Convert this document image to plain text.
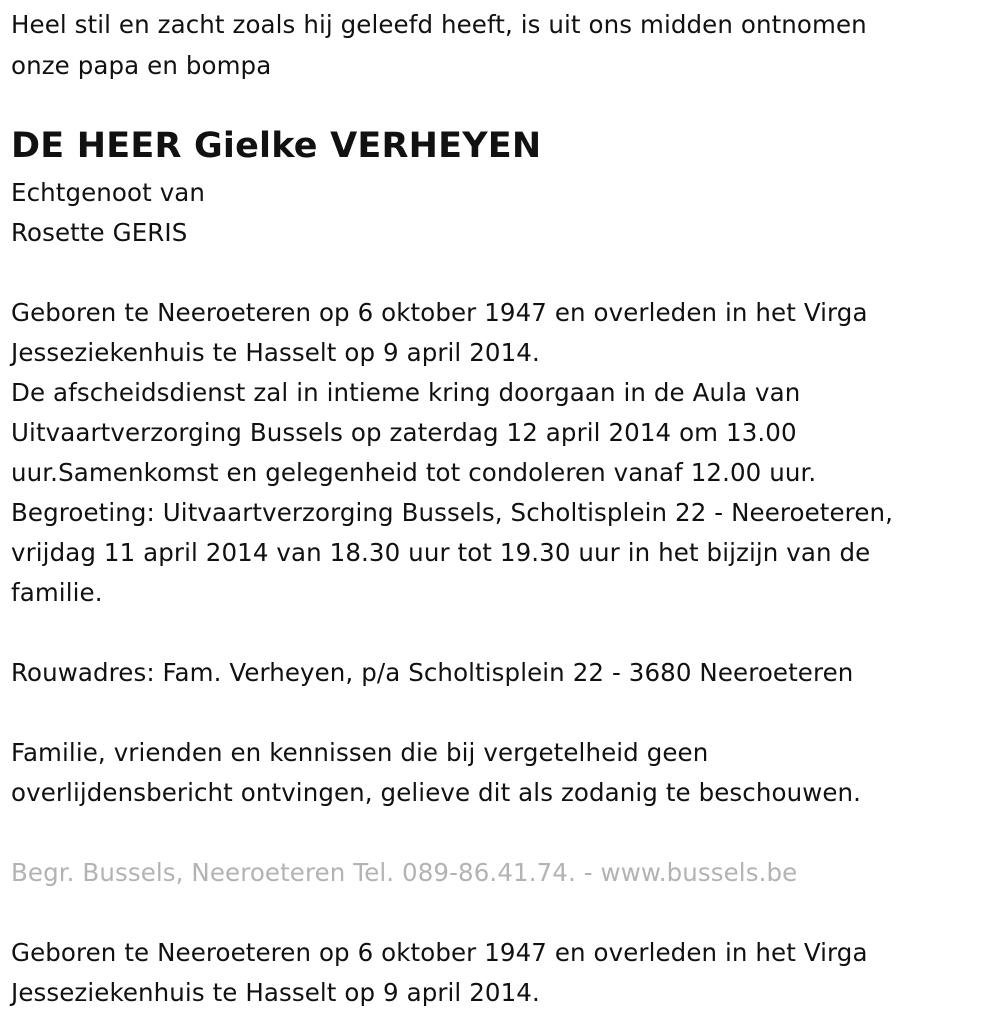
Heel stil en zacht zoals hij geleefd heeft, is uit ons midden ontnomen
onze papa en bompa
DE HEER Gielke VERHEYEN
Echtgenoot van
Rosette GERIS
Geboren te Neeroeteren op 6 oktober 1947 en overleden in het Virga
Jesseziekenhuis te Hasselt op 9 april 2014.
De afscheidsdienst zal in intieme kring doorgaan in de Aula van
Uitvaartverzorging Bussels op zaterdag 12 april 2014 om 13.00
uur.Samenkomst en gelegenheid tot condoleren vanaf 12.00 uur.
Begroeting: Uitvaartverzorging Bussels, Scholtisplein 22 - Neeroeteren,
vrijdag 11 april 2014 van 18.30 uur tot 19.30 uur in het bijzijn van de
familie.
Rouwadres: Fam. Verheyen, p/a Scholtisplein 22 - 3680 Neeroeteren
Familie, vrienden en kennissen die bij vergetelheid geen
overlijdensbericht ontvingen, gelieve dit als zodanig te beschouwen.
Begr. Bussels, Neeroeteren Tel. 089-86.41.74. - www.bussels.be
Geboren te Neeroeteren op 6 oktober 1947 en overleden in het Virga
Jesseziekenhuis te Hasselt op 9 april 2014.
